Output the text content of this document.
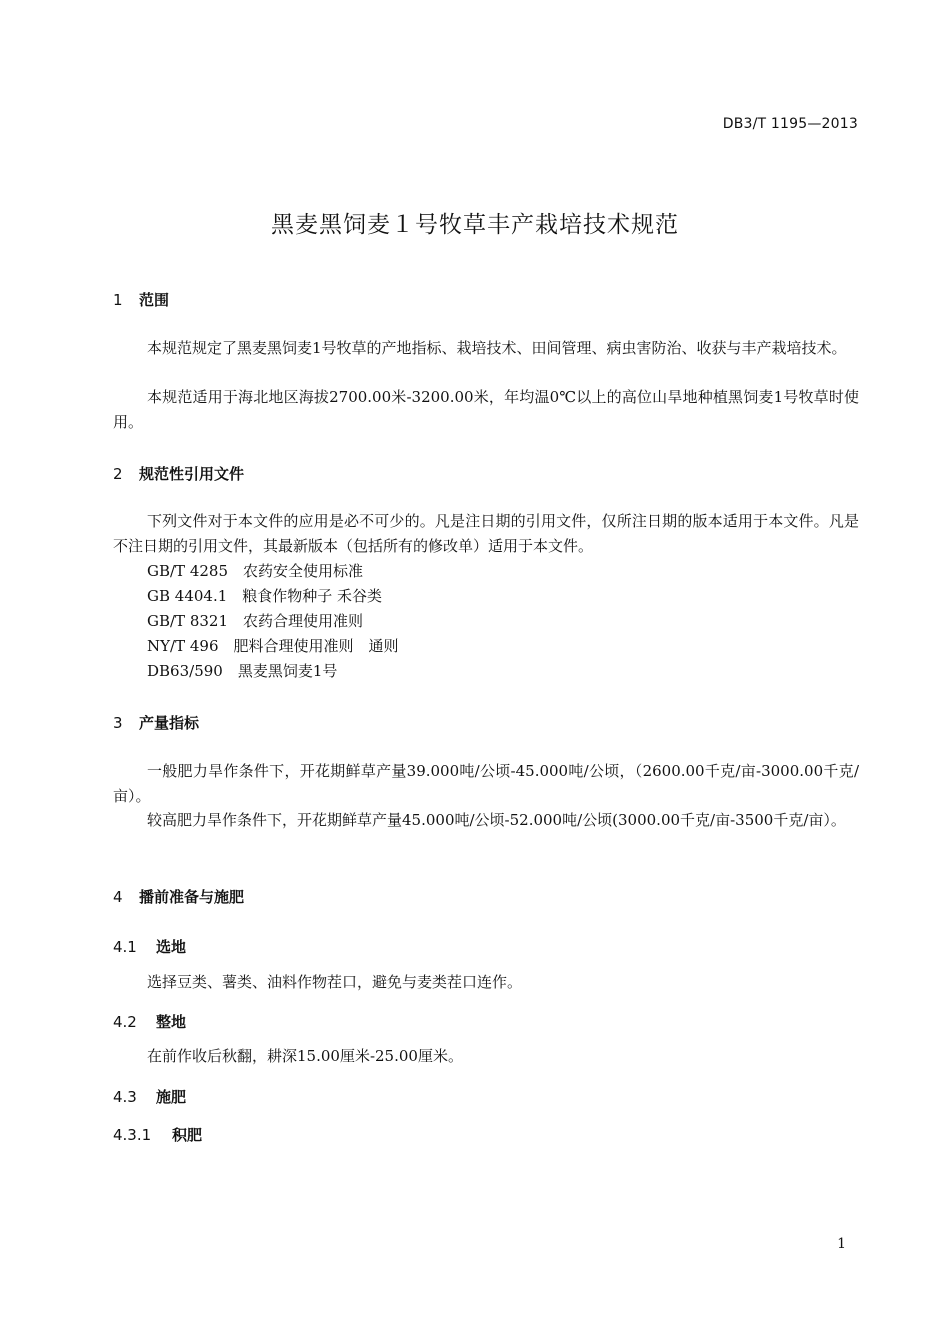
DB3/T 1195—2013
黑麦黑饲麦１号牧草丰产栽培技术规范
1 范围
本规范规定了黑麦黑饲麦1号牧草的产地指标、栽培技术、田间管理、病虫害防治、收获与丰产栽培技术。
本规范适用于海北地区海拔2700.00米-3200.00米，年均温0℃以上的高位山旱地种植黑饲麦1号牧草时使用。
2 规范性引用文件
下列文件对于本文件的应用是必不可少的。凡是注日期的引用文件，仅所注日期的版本适用于本文件。凡是不注日期的引用文件，其最新版本（包括所有的修改单）适用于本文件。
GB/T 4285　农药安全使用标准
GB 4404.1　粮食作物种子 禾谷类
GB/T 8321　农药合理使用准则
NY/T 496　肥料合理使用准则　通则
DB63/590　黑麦黑饲麦1号
3 产量指标
一般肥力旱作条件下，开花期鲜草产量39.000吨/公顷-45.000吨/公顷，（2600.00千克/亩-3000.00千克/亩）。
较高肥力旱作条件下，开花期鲜草产量45.000吨/公顷-52.000吨/公顷(3000.00千克/亩-3500千克/亩）。
4 播前准备与施肥
4.1 选地
选择豆类、薯类、油料作物茬口，避免与麦类茬口连作。
4.2 整地
在前作收后秋翻，耕深15.00厘米-25.00厘米。
4.3 施肥
4.3.1 积肥
1
